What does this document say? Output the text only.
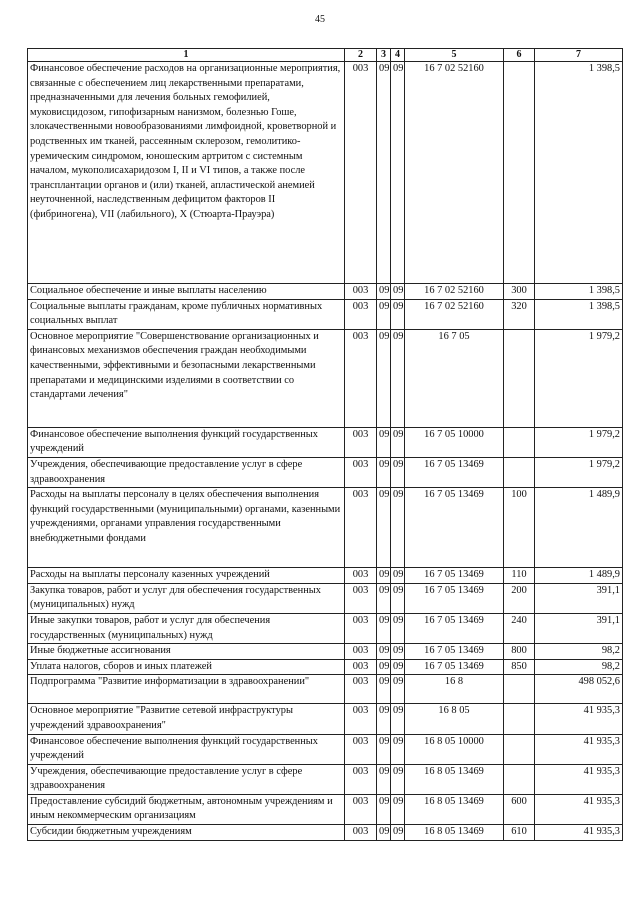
45
1	2	3	4	5	6	7
Финансовое обеспечение расходов на организационные мероприятия, связанные с обеспечением лиц лекарственными препаратами, предназначенными для лечения больных гемофилией, муковисцидозом, гипофизарным нанизмом, болезнью Гоше, злокачественными новообразованиями лимфоидной, кроветворной и родственных им тканей, рассеянным склерозом, гемолитико-уремическим синдромом, юношеским артритом с системным началом, мукополисахаридозом I, II и VI типов, а также после трансплантации органов и (или) тканей, апластической анемией неуточненной, наследственным дефицитом факторов II (фибриногена), VII (лабильного), X (Стюарта-Прауэра)	003	09	09	16 7 02 52160		1 398,5
Социальное обеспечение и иные выплаты населению	003	09	09	16 7 02 52160	300	1 398,5
Социальные выплаты гражданам, кроме публичных нормативных социальных выплат	003	09	09	16 7 02 52160	320	1 398,5
Основное мероприятие "Совершенствование организационных и финансовых механизмов обеспечения граждан необходимыми качественными, эффективными и безопасными лекарственными препаратами и медицинскими изделиями в соответствии со стандартами лечения"	003	09	09	16 7 05		1 979,2
Финансовое обеспечение выполнения функций государственных учреждений	003	09	09	16 7 05 10000		1 979,2
Учреждения, обеспечивающие предоставление услуг в сфере здравоохранения	003	09	09	16 7 05 13469		1 979,2
Расходы на выплаты персоналу в целях обеспечения выполнения функций государственными (муниципальными) органами, казенными учреждениями, органами управления государственными внебюджетными фондами	003	09	09	16 7 05 13469	100	1 489,9
Расходы на выплаты персоналу казенных учреждений	003	09	09	16 7 05 13469	110	1 489,9
Закупка товаров, работ и услуг для обеспечения государственных (муниципальных) нужд	003	09	09	16 7 05 13469	200	391,1
Иные закупки товаров, работ и услуг для обеспечения государственных (муниципальных) нужд	003	09	09	16 7 05 13469	240	391,1
Иные бюджетные ассигнования	003	09	09	16 7 05 13469	800	98,2
Уплата налогов, сборов и иных платежей	003	09	09	16 7 05 13469	850	98,2
Подпрограмма "Развитие информатизации в здравоохранении"	003	09	09	16 8		498 052,6
Основное мероприятие "Развитие сетевой инфраструктуры учреждений здравоохранения"	003	09	09	16 8 05		41 935,3
Финансовое обеспечение выполнения функций государственных учреждений	003	09	09	16 8 05 10000		41 935,3
Учреждения, обеспечивающие предоставление услуг в сфере здравоохранения	003	09	09	16 8 05 13469		41 935,3
Предоставление субсидий бюджетным, автономным учреждениям и иным некоммерческим организациям	003	09	09	16 8 05 13469	600	41 935,3
Субсидии бюджетным учреждениям	003	09	09	16 8 05 13469	610	41 935,3
